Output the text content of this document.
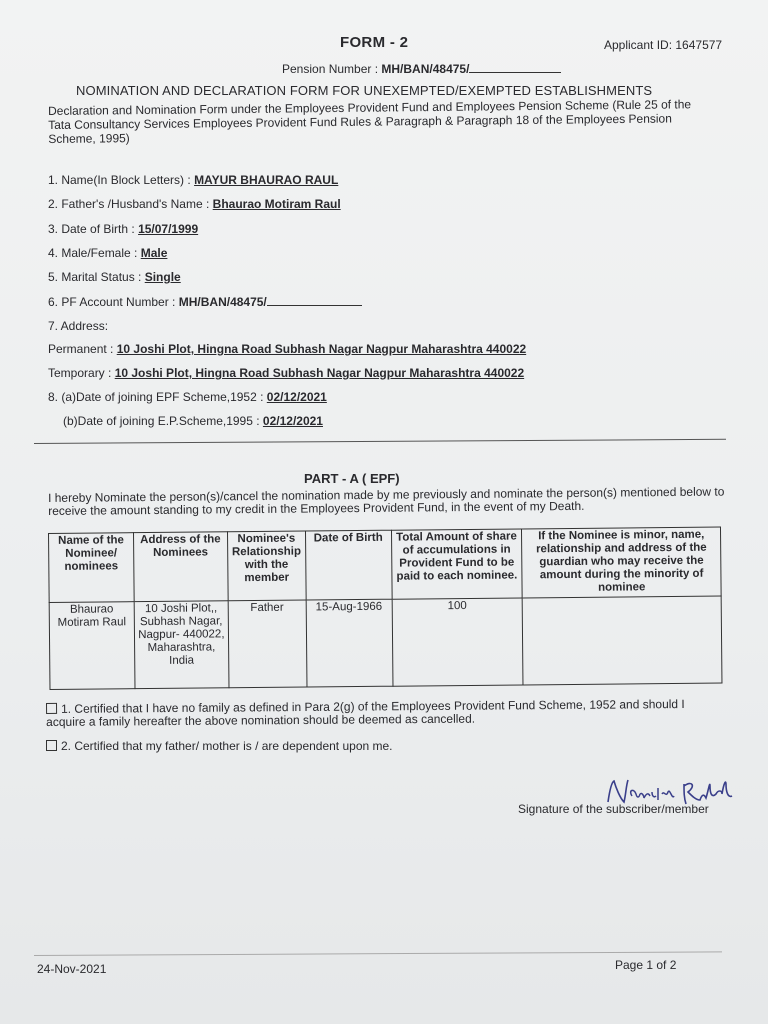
FORM - 2	Applicant ID: 1647577
Pension Number : MH/BAN/48475/
NOMINATION AND DECLARATION FORM FOR UNEXEMPTED/EXEMPTED ESTABLISHMENTS
Declaration and Nomination Form under the Employees Provident Fund and Employees Pension Scheme (Rule 25 of the Tata Consultancy Services Employees Provident Fund Rules & Paragraph & Paragraph 18 of the Employees Pension Scheme, 1995)
1. Name(In Block Letters) : MAYUR BHAURAO RAUL
2. Father's /Husband's Name : Bhaurao Motiram Raul
3. Date of Birth : 15/07/1999
4. Male/Female : Male
5. Marital Status : Single
6. PF Account Number : MH/BAN/48475/
7. Address:
Permanent : 10 Joshi Plot, Hingna Road Subhash Nagar Nagpur Maharashtra 440022
Temporary : 10 Joshi Plot, Hingna Road Subhash Nagar Nagpur Maharashtra 440022
8. (a)Date of joining EPF Scheme,1952 : 02/12/2021
(b)Date of joining E.P.Scheme,1995 : 02/12/2021
PART - A ( EPF)
I hereby Nominate the person(s)/cancel the nomination made by me previously and nominate the person(s) mentioned below to receive the amount standing to my credit in the Employees Provident Fund, in the event of my Death.
Name of the Nominee/ nominees	Address of the Nominees	Nominee's Relationship with the member	Date of Birth	Total Amount of share of accumulations in Provident Fund to be paid to each nominee.	If the Nominee is minor, name, relationship and address of the guardian who may receive the amount during the minority of nominee
Bhaurao Motiram Raul	10 Joshi Plot,, Subhash Nagar, Nagpur- 440022, Maharashtra, India	Father	15-Aug-1966	100	
1. Certified that I have no family as defined in Para 2(g) of the Employees Provident Fund Scheme, 1952 and should I acquire a family hereafter the above nomination should be deemed as cancelled.
2. Certified that my father/ mother is / are dependent upon me.
Signature of the subscriber/member
24-Nov-2021	Page 1 of 2
